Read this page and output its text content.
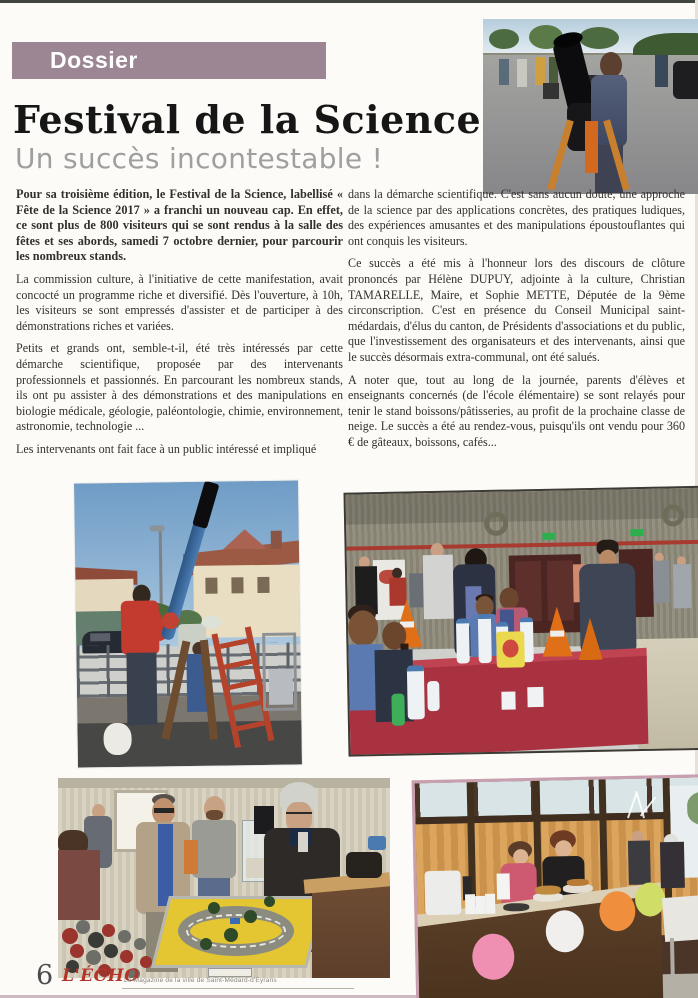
Dossier
Festival de la Science
Un succès incontestable !

Pour sa troisième édition, le Festival de la Science, labellisé « Fête de la Science 2017 » a franchi un nouveau cap. En effet, ce sont plus de 800 visiteurs qui se sont rendus à la salle des fêtes et ses abords, samedi 7 octobre dernier, pour parcourir les nombreux stands.

La commission culture, à l'initiative de cette manifestation, avait concocté un programme riche et diversifié. Dès l'ouverture, à 10h, les visiteurs se sont empressés d'assister et de participer à des démonstrations riches et variées.

Petits et grands ont, semble-t-il, été très intéressés par cette démarche scientifique, proposée par des intervenants professionnels et passionnés. En parcourant les nombreux stands, ils ont pu assister à des démonstrations et des manipulations en biologie médicale, géologie, paléontologie, chimie, environnement, astronomie, technologie ...

Les intervenants ont fait face à un public intéressé et impliqué

dans la démarche scientifique. C'est sans aucun doute, une approche de la science par des applications concrètes, des pratiques ludiques, des expériences amusantes et des manipulations époustouflantes qui ont conquis les visiteurs.

Ce succès a été mis à l'honneur lors des discours de clôture prononcés par Hélène DUPUY, adjointe à la culture, Christian TAMARELLE, Maire, et Sophie METTE, Députée de la 9ème circonscription. C'est en présence du Conseil Municipal saint-médardais, d'élus du canton, de Présidents d'associations et du public, que l'investissement des organisateurs et des intervenants, ainsi que le succès désormais extra-communal, ont été salués.

A noter que, tout au long de la journée, parents d'élèves et enseignants concernés (de l'école élémentaire) se sont relayés pour tenir le stand boissons/pâtisseries, au profit de la prochaine classe de neige. Le succès a été au rendez-vous, puisqu'ils ont vendu pour 360 € de gâteaux, boissons, cafés...

6 L'ÉCHO
Le Magazine de la ville de Saint-Médard-d'Eyrans
